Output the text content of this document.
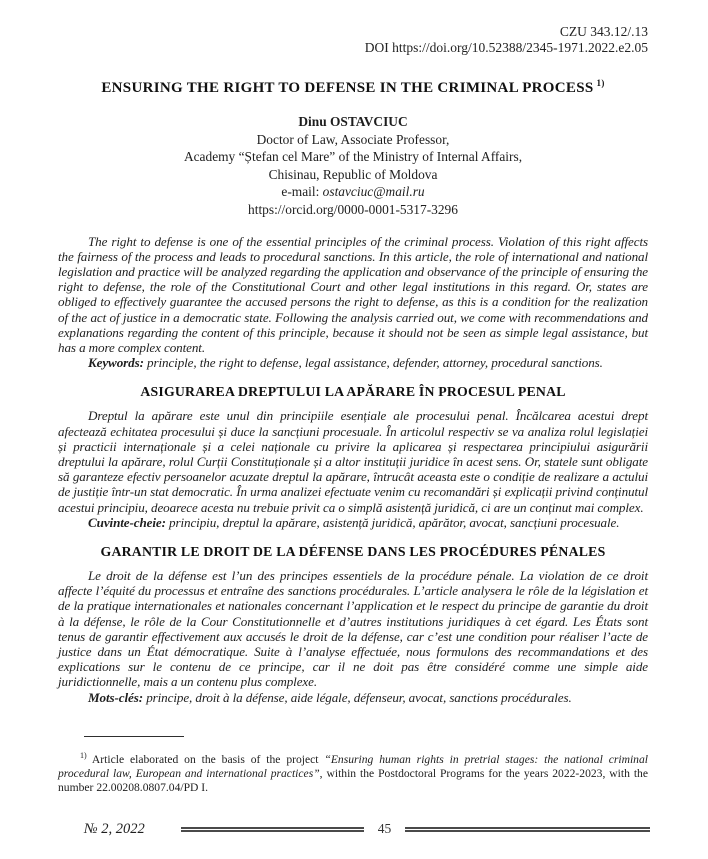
CZU 343.12/.13
DOI https://doi.org/10.52388/2345-1971.2022.e2.05
ENSURING THE RIGHT TO DEFENSE IN THE CRIMINAL PROCESS $^{1)}$
Dinu OSTAVCIUC
Doctor of Law, Associate Professor,
Academy “Ștefan cel Mare” of the Ministry of Internal Affairs,
Chisinau, Republic of Moldova
e-mail: ostavciuc@mail.ru
https://orcid.org/0000-0001-5317-3296

The right to defense is one of the essential principles of the criminal process. Violation of this right affects the fairness of the process and leads to procedural sanctions. In this article, the role of international and national legislation and practice will be analyzed regarding the application and observance of the principle of ensuring the right to defense, the role of the Constitutional Court and other legal institutions in this regard. Or, states are obliged to effectively guarantee the accused persons the right to defense, as this is a condition for the realization of the act of justice in a democratic state. Following the analysis carried out, we come with recommendations and explanations regarding the content of this principle, because it should not be seen as simple legal assistance, but has a more complex content.

Keywords: principle, the right to defense, legal assistance, defender, attorney, procedural sanctions.

ASIGURAREA DREPTULUI LA APĂRARE ÎN PROCESUL PENAL

Dreptul la apărare este unul din principiile esențiale ale procesului penal. Încălcarea acestui drept afectează echitatea procesului și duce la sancțiuni procesuale. În articolul respectiv se va analiza rolul legislației și practicii internaționale și a celei naționale cu privire la aplicarea și respectarea principiului asigurării dreptului la apărare, rolul Curții Constituționale și a altor instituții juridice în acest sens. Or, statele sunt obligate să garanteze efectiv persoanelor acuzate dreptul la apărare, întrucât aceasta este o condiție de realizare a actului de justiție într-un stat democratic. În urma analizei efectuate venim cu recomandări și explicații privind conținutul acestui principiu, deoarece acesta nu trebuie privit ca o simplă asistență juridică, ci are un conținut mai complex.

Cuvinte-cheie: principiu, dreptul la apărare, asistență juridică, apărător, avocat, sancțiuni procesuale.

GARANTIR LE DROIT DE LA DÉFENSE DANS LES PROCÉDURES PÉNALES

Le droit de la défense est l’un des principes essentiels de la procédure pénale. La violation de ce droit affecte l’équité du processus et entraîne des sanctions procédurales. L’article analysera le rôle de la législation et de la pratique internationales et nationales concernant l’application et le respect du principe de garantie du droit à la défense, le rôle de la Cour Constitutionnelle et d’autres institutions juridiques à cet égard. Les États sont tenus de garantir effectivement aux accusés le droit de la défense, car c’est une condition pour réaliser l’acte de justice dans un État démocratique. Suite à l’analyse effectuée, nous formulons des recommandations et des explications sur le contenu de ce principe, car il ne doit pas être considéré comme une simple aide juridictionnelle, mais a un contenu plus complexe.

Mots-clés: principe, droit à la défense, aide légale, défenseur, avocat, sanctions procédurales.

$^{1)}$ Article elaborated on the basis of the project “Ensuring human rights in pretrial stages: the national criminal procedural law, European and international practices”, within the Postdoctoral Programs for the years 2022-2023, with the number 22.00208.0807.04/PD I.

№ 2, 2022	45
